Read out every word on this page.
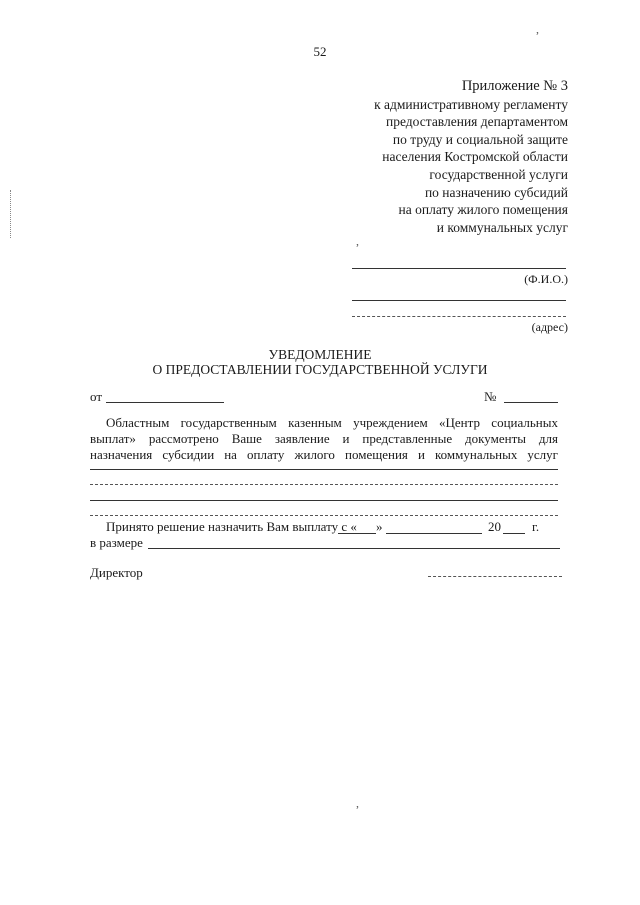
52
,
Приложение № 3
к административному регламенту
предоставления департаментом
по труду и социальной защите
населения Костромской области
государственной услуги
по назначению субсидий
на оплату жилого помещения
и коммунальных услуг
,
(Ф.И.О.)
(адрес)
УВЕДОМЛЕНИЕ
О ПРЕДОСТАВЛЕНИИ ГОСУДАРСТВЕННОЙ УСЛУГИ
от	№
Областным государственным казенным учреждением «Центр социальных
выплат» рассмотрено Ваше заявление и представленные документы для
назначения субсидии на оплату жилого помещения и коммунальных услуг
Принято решение назначить Вам выплату с « »	20 г.
в размере
Директор
,
